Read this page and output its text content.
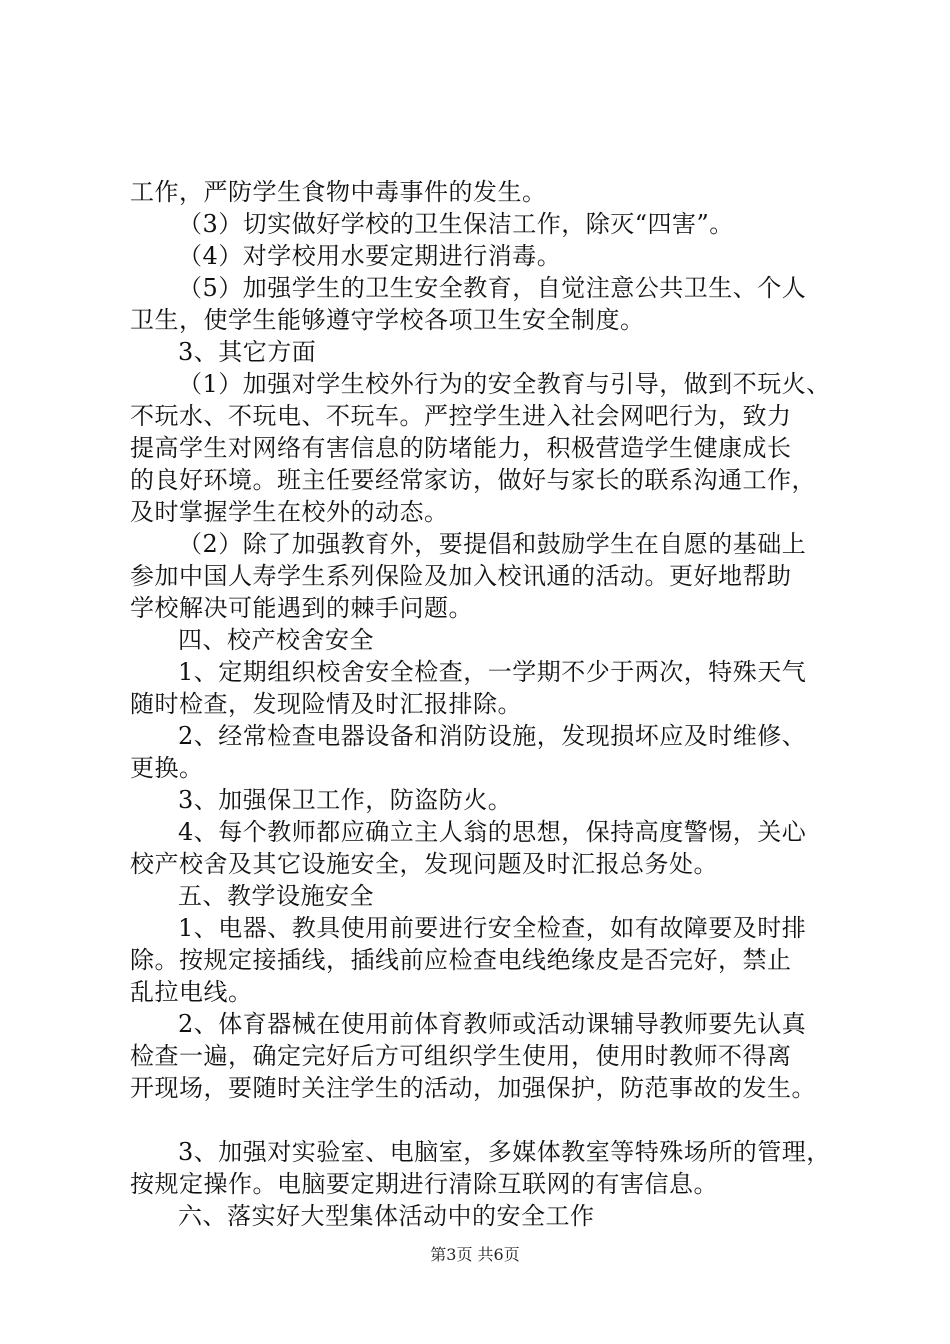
工作，严防学生食物中毒事件的发生。
（3）切实做好学校的卫生保洁工作，除灭“四害”。
（4）对学校用水要定期进行消毒。
（5）加强学生的卫生安全教育，自觉注意公共卫生、个人
卫生，使学生能够遵守学校各项卫生安全制度。
3、其它方面
（1）加强对学生校外行为的安全教育与引导，做到不玩火、
不玩水、不玩电、不玩车。严控学生进入社会网吧行为，致力
提高学生对网络有害信息的防堵能力，积极营造学生健康成长
的良好环境。班主任要经常家访，做好与家长的联系沟通工作，
及时掌握学生在校外的动态。
（2）除了加强教育外，要提倡和鼓励学生在自愿的基础上
参加中国人寿学生系列保险及加入校讯通的活动。更好地帮助
学校解决可能遇到的棘手问题。
四、校产校舍安全
1、定期组织校舍安全检查，一学期不少于两次，特殊天气
随时检查，发现险情及时汇报排除。
2、经常检查电器设备和消防设施，发现损坏应及时维修、
更换。
3、加强保卫工作，防盗防火。
4、每个教师都应确立主人翁的思想，保持高度警惕，关心
校产校舍及其它设施安全，发现问题及时汇报总务处。
五、教学设施安全
1、电器、教具使用前要进行安全检查，如有故障要及时排
除。按规定接插线，插线前应检查电线绝缘皮是否完好，禁止
乱拉电线。
2、体育器械在使用前体育教师或活动课辅导教师要先认真
检查一遍，确定完好后方可组织学生使用，使用时教师不得离
开现场，要随时关注学生的活动，加强保护，防范事故的发生。
3、加强对实验室、电脑室，多媒体教室等特殊场所的管理，
按规定操作。电脑要定期进行清除互联网的有害信息。
六、落实好大型集体活动中的安全工作
第3页 共6页
